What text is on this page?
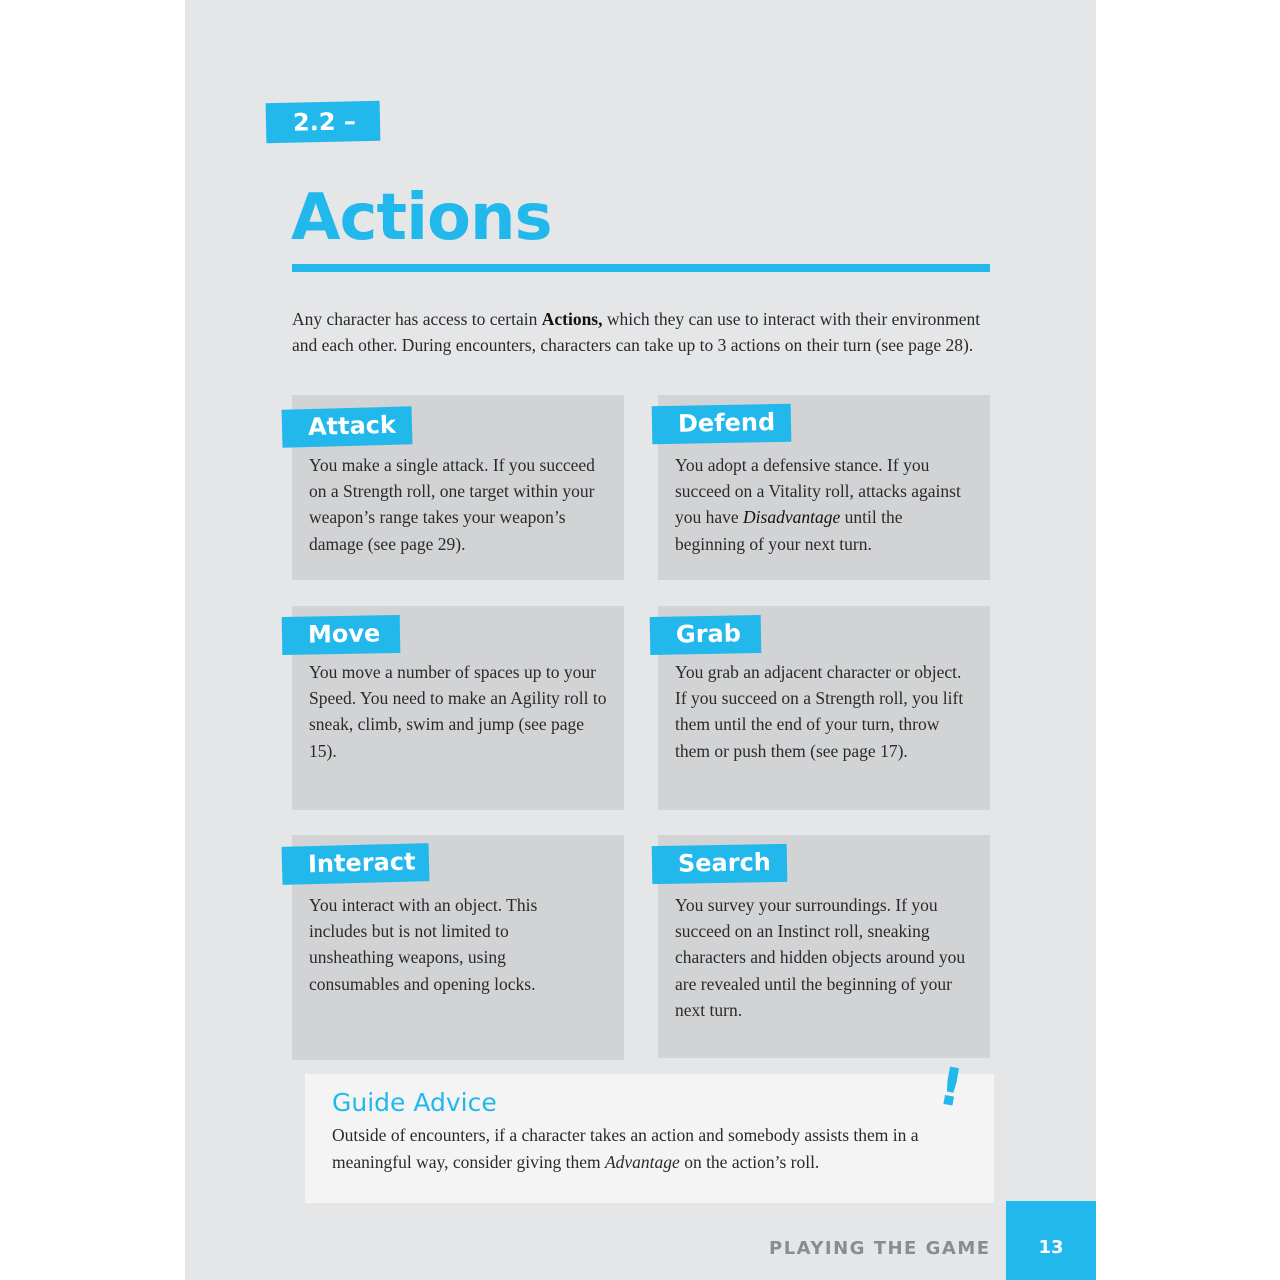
2.2 –
Actions

Any character has access to certain Actions, which they can use to interact with their environment and each other. During encounters, characters can take up to 3 actions on their turn (see page 28).

You make a single attack. If you succeed on a Strength roll, one target within your weapon’s range takes your weapon’s damage (see page 29).

Attack

You adopt a defensive stance. If you succeed on a Vitality roll, attacks against you have Disadvantage until the beginning of your next turn.

Defend

You move a number of spaces up to your Speed. You need to make an Agility roll to sneak, climb, swim and jump (see page 15).

Move

You grab an adjacent character or object. If you succeed on a Strength roll, you lift them until the end of your turn, throw them or push them (see page 17).

Grab

You interact with an object. This includes but is not limited to unsheathing weapons, using consumables and opening locks.

Interact

You survey your surroundings. If you succeed on an Instinct roll, sneaking characters and hidden objects around you are revealed until the beginning of your next turn.

Search
Guide Advice

Outside of encounters, if a character takes an action and somebody assists them in a meaningful way, consider giving them Advantage on the action’s roll.

!
PLAYING THE GAME	13
